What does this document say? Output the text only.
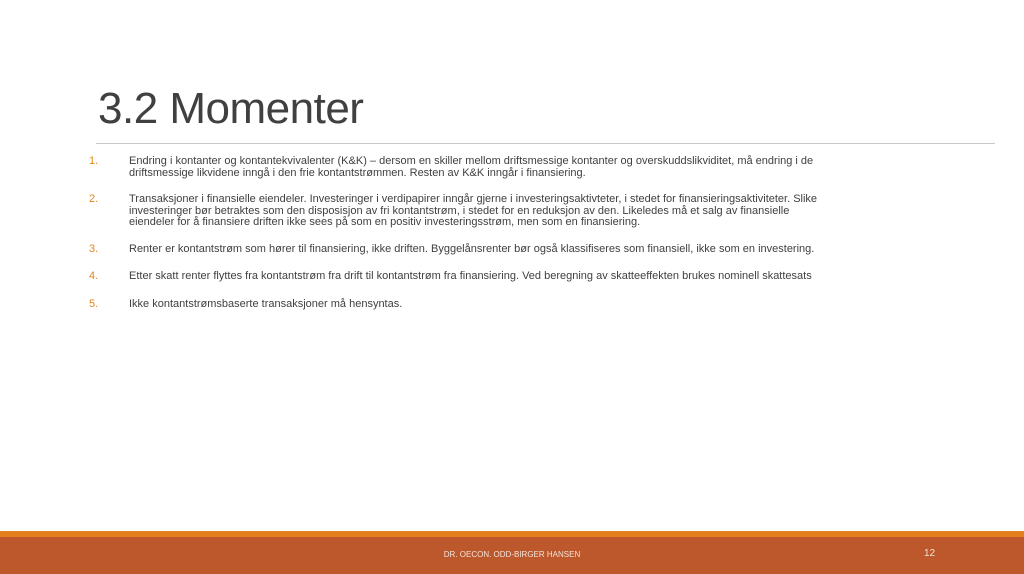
3.2 Momenter
1.	Endring i kontanter og kontantekvivalenter (K&K) – dersom en skiller mellom driftsmessige kontanter og overskuddslikviditet, må endring i de
driftsmessige likvidene inngå i den frie kontantstrømmen. Resten av K&K inngår i finansiering.
2.	Transaksjoner i finansielle eiendeler. Investeringer i verdipapirer inngår gjerne i investeringsaktivteter, i stedet for finansieringsaktiviteter. Slike
investeringer bør betraktes som den disposisjon av fri kontantstrøm, i stedet for en reduksjon av den. Likeledes må et salg av finansielle
eiendeler for å finansiere driften ikke sees på som en positiv investeringsstrøm, men som en finansiering.
3.	Renter er kontantstrøm som hører til finansiering, ikke driften. Byggelånsrenter bør også klassifiseres som finansiell, ikke som en investering.
4.	Etter skatt renter flyttes fra kontantstrøm fra drift til kontantstrøm fra finansiering. Ved beregning av skatteeffekten brukes nominell skattesats
5.	Ikke kontantstrømsbaserte transaksjoner må hensyntas.
DR. OECON. ODD-BIRGER HANSEN	12
